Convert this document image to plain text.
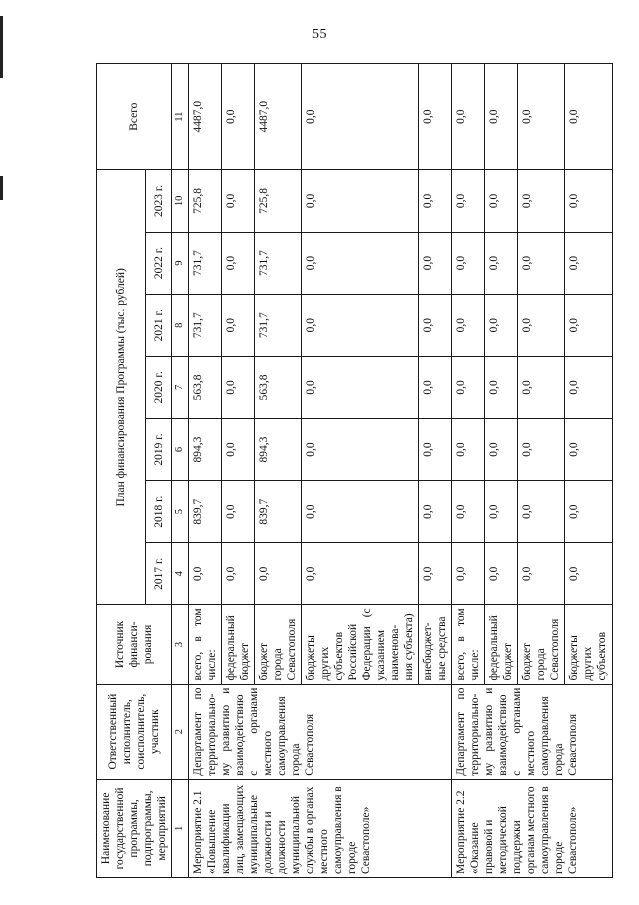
55
Наименование государственной программы, подпрограммы, мероприятий	Ответственный исполнитель, соисполнитель, участник	Источник финанси-рования	План финансирования Программы (тыс. рублей)							Всего
			2017 г.	2018 г.	2019 г.	2020 г.	2021 г.	2022 г.	2023 г.	
1	2	3	4	5	6	7	8	9	10	11
Мероприятие 2.1 «Повышение квалификации лиц, замещающих муниципальные должности и должности муниципальной службы в органах местного самоуправления в городе Севастополе»	Департамент по территориально-му развитию и взаимодействию с органами местного самоуправления города Севастополя	всего, в том числе:	0,0	839,7	894,3	563,8	731,7	731,7	725,8	4487,0
		федеральный бюджет	0,0	0,0	0,0	0,0	0,0	0,0	0,0	0,0
		бюджет города Севастополя	0,0	839,7	894,3	563,8	731,7	731,7	725,8	4487,0
		бюджеты других субъектов Российской Федерации (с указанием наименова-ния субъекта)	0,0	0,0	0,0	0,0	0,0	0,0	0,0	0,0
		внебюджет-ные средства	0,0	0,0	0,0	0,0	0,0	0,0	0,0	0,0
Мероприятие 2.2 «Оказание правовой и методической поддержки органам местного самоуправления в городе Севастополе»	Департамент по территориально-му развитию и взаимодействию с органами местного самоуправления города Севастополя	всего, в том числе:	0,0	0,0	0,0	0,0	0,0	0,0	0,0	0,0
		федеральный бюджет	0,0	0,0	0,0	0,0	0,0	0,0	0,0	0,0
		бюджет города Севастополя	0,0	0,0	0,0	0,0	0,0	0,0	0,0	0,0
		бюджеты других субъектов	0,0	0,0	0,0	0,0	0,0	0,0	0,0	0,0
